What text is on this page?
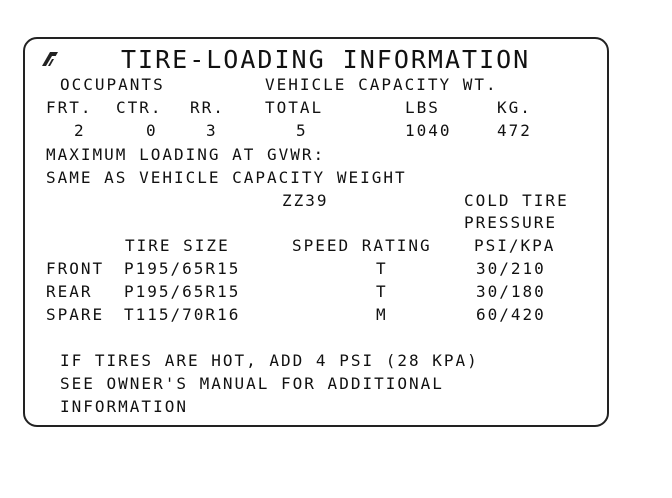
TIRE-LOADING INFORMATION
OCCUPANTS	VEHICLE CAPACITY WT.
FRT. CTR. RR.	TOTAL	LBS	KG.
2	0	3	5	1040	472
MAXIMUM LOADING AT GVWR:
SAME AS VEHICLE CAPACITY WEIGHT
ZZ39	COLD TIRE
PRESSURE
TIRE SIZE	SPEED RATING	PSI/KPA
FRONT P195/65R15	T	30/210
REAR P195/65R15	T	30/180
SPARE T115/70R16	M	60/420
IF TIRES ARE HOT, ADD 4 PSI (28 KPA)
SEE OWNER'S MANUAL FOR ADDITIONAL
INFORMATION
